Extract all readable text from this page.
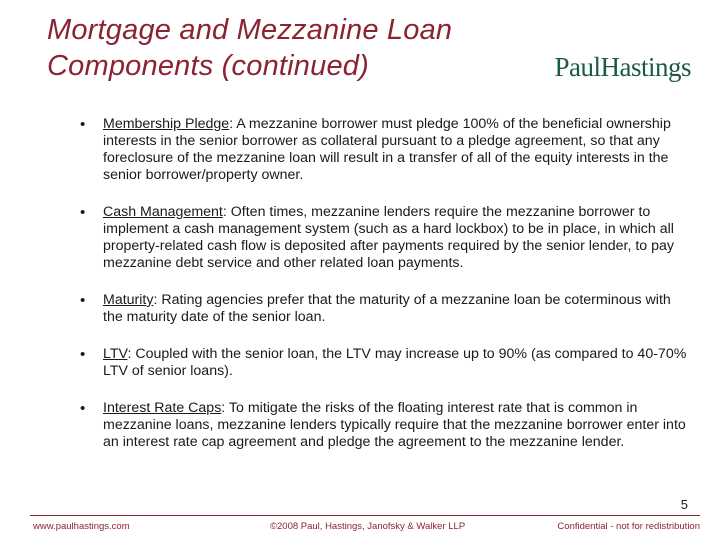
Mortgage and Mezzanine Loan
Components (continued)	PaulHastings
• Membership Pledge: A mezzanine borrower must pledge 100% of the beneficial ownership interests in the senior borrower as collateral pursuant to a pledge agreement, so that any foreclosure of the mezzanine loan will result in a transfer of all of the equity interests in the senior borrower/property owner.
• Cash Management: Often times, mezzanine lenders require the mezzanine borrower to implement a cash management system (such as a hard lockbox) to be in place, in which all property-related cash flow is deposited after payments required by the senior lender, to pay mezzanine debt service and other related loan payments.
• Maturity: Rating agencies prefer that the maturity of a mezzanine loan be coterminous with the maturity date of the senior loan.
• LTV: Coupled with the senior loan, the LTV may increase up to 90% (as compared to 40-70% LTV of senior loans).
• Interest Rate Caps: To mitigate the risks of the floating interest rate that is common in mezzanine loans, mezzanine lenders typically require that the mezzanine borrower enter into an interest rate cap agreement and pledge the agreement to the mezzanine lender.
5
www.paulhastings.com	©2008 Paul, Hastings, Janofsky & Walker LLP	Confidential - not for redistribution
